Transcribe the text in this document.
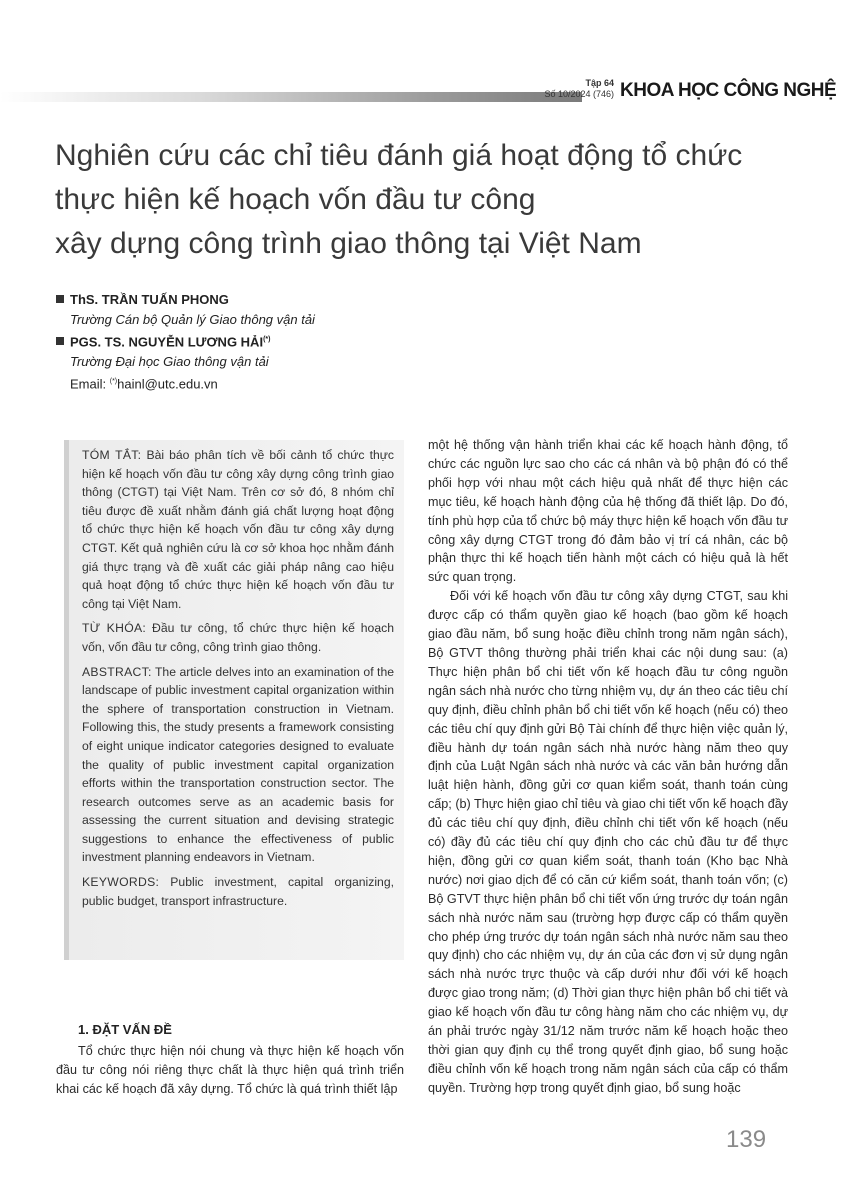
Tập 64
Số 10/2024 (746) KHOA HỌC CÔNG NGHỆ
Nghiên cứu các chỉ tiêu đánh giá hoạt động tổ chức
thực hiện kế hoạch vốn đầu tư công
xây dựng công trình giao thông tại Việt Nam
ThS. TRẦN TUẤN PHONG
Trường Cán bộ Quản lý Giao thông vận tải
PGS. TS. NGUYỄN LƯƠNG HẢI(*)
Trường Đại học Giao thông vận tải
Email: (*)hainl@utc.edu.vn

TÓM TẮT: Bài báo phân tích về bối cảnh tổ chức thực hiện kế hoạch vốn đầu tư công xây dựng công trình giao thông (CTGT) tại Việt Nam. Trên cơ sở đó, 8 nhóm chỉ tiêu được đề xuất nhằm đánh giá chất lượng hoạt động tổ chức thực hiện kế hoạch vốn đầu tư công xây dựng CTGT. Kết quả nghiên cứu là cơ sở khoa học nhằm đánh giá thực trạng và đề xuất các giải pháp nâng cao hiệu quả hoạt động tổ chức thực hiện kế hoạch vốn đầu tư công tại Việt Nam.

TỪ KHÓA: Đầu tư công, tổ chức thực hiện kế hoạch vốn, vốn đầu tư công, công trình giao thông.

ABSTRACT: The article delves into an examination of the landscape of public investment capital organization within the sphere of transportation construction in Vietnam. Following this, the study presents a framework consisting of eight unique indicator categories designed to evaluate the quality of public investment capital organization efforts within the transportation construction sector. The research outcomes serve as an academic basis for assessing the current situation and devising strategic suggestions to enhance the effectiveness of public investment planning endeavors in Vietnam.

KEYWORDS: Public investment, capital organizing, public budget, transport infrastructure.

một hệ thống vận hành triển khai các kế hoạch hành động, tổ chức các nguồn lực sao cho các cá nhân và bộ phận đó có thể phối hợp với nhau một cách hiệu quả nhất để thực hiện các mục tiêu, kế hoạch hành động của hệ thống đã thiết lập. Do đó, tính phù hợp của tổ chức bộ máy thực hiện kế hoạch vốn đầu tư công xây dựng CTGT trong đó đảm bảo vị trí cá nhân, các bộ phận thực thi kế hoạch tiến hành một cách có hiệu quả là hết sức quan trọng.

Đối với kế hoạch vốn đầu tư công xây dựng CTGT, sau khi được cấp có thẩm quyền giao kế hoạch (bao gồm kế hoạch giao đầu năm, bổ sung hoặc điều chỉnh trong năm ngân sách), Bộ GTVT thông thường phải triển khai các nội dung sau: (a) Thực hiện phân bổ chi tiết vốn kế hoạch đầu tư công nguồn ngân sách nhà nước cho từng nhiệm vụ, dự án theo các tiêu chí quy định, điều chỉnh phân bổ chi tiết vốn kế hoạch (nếu có) theo các tiêu chí quy định gửi Bộ Tài chính để thực hiện việc quản lý, điều hành dự toán ngân sách nhà nước hàng năm theo quy định của Luật Ngân sách nhà nước và các văn bản hướng dẫn luật hiện hành, đồng gửi cơ quan kiểm soát, thanh toán cùng cấp; (b) Thực hiện giao chỉ tiêu và giao chi tiết vốn kế hoạch đầy đủ các tiêu chí quy định, điều chỉnh chi tiết vốn kế hoạch (nếu có) đầy đủ các tiêu chí quy định cho các chủ đầu tư để thực hiện, đồng gửi cơ quan kiểm soát, thanh toán (Kho bạc Nhà nước) nơi giao dịch để có căn cứ kiểm soát, thanh toán vốn; (c) Bộ GTVT thực hiện phân bổ chi tiết vốn ứng trước dự toán ngân sách nhà nước năm sau (trường hợp được cấp có thẩm quyền cho phép ứng trước dự toán ngân sách nhà nước năm sau theo quy định) cho các nhiệm vụ, dự án của các đơn vị sử dụng ngân sách nhà nước trực thuộc và cấp dưới như đối với kế hoạch được giao trong năm; (d) Thời gian thực hiện phân bổ chi tiết và giao kế hoạch vốn đầu tư công hàng năm cho các nhiệm vụ, dự án phải trước ngày 31/12 năm trước năm kế hoạch hoặc theo thời gian quy định cụ thể trong quyết định giao, bổ sung hoặc điều chỉnh vốn kế hoạch trong năm ngân sách của cấp có thẩm quyền. Trường hợp trong quyết định giao, bổ sung hoặc

1. ĐẶT VẤN ĐỀ

Tổ chức thực hiện nói chung và thực hiện kế hoạch vốn đầu tư công nói riêng thực chất là thực hiện quá trình triển khai các kế hoạch đã xây dựng. Tổ chức là quá trình thiết lập

139
